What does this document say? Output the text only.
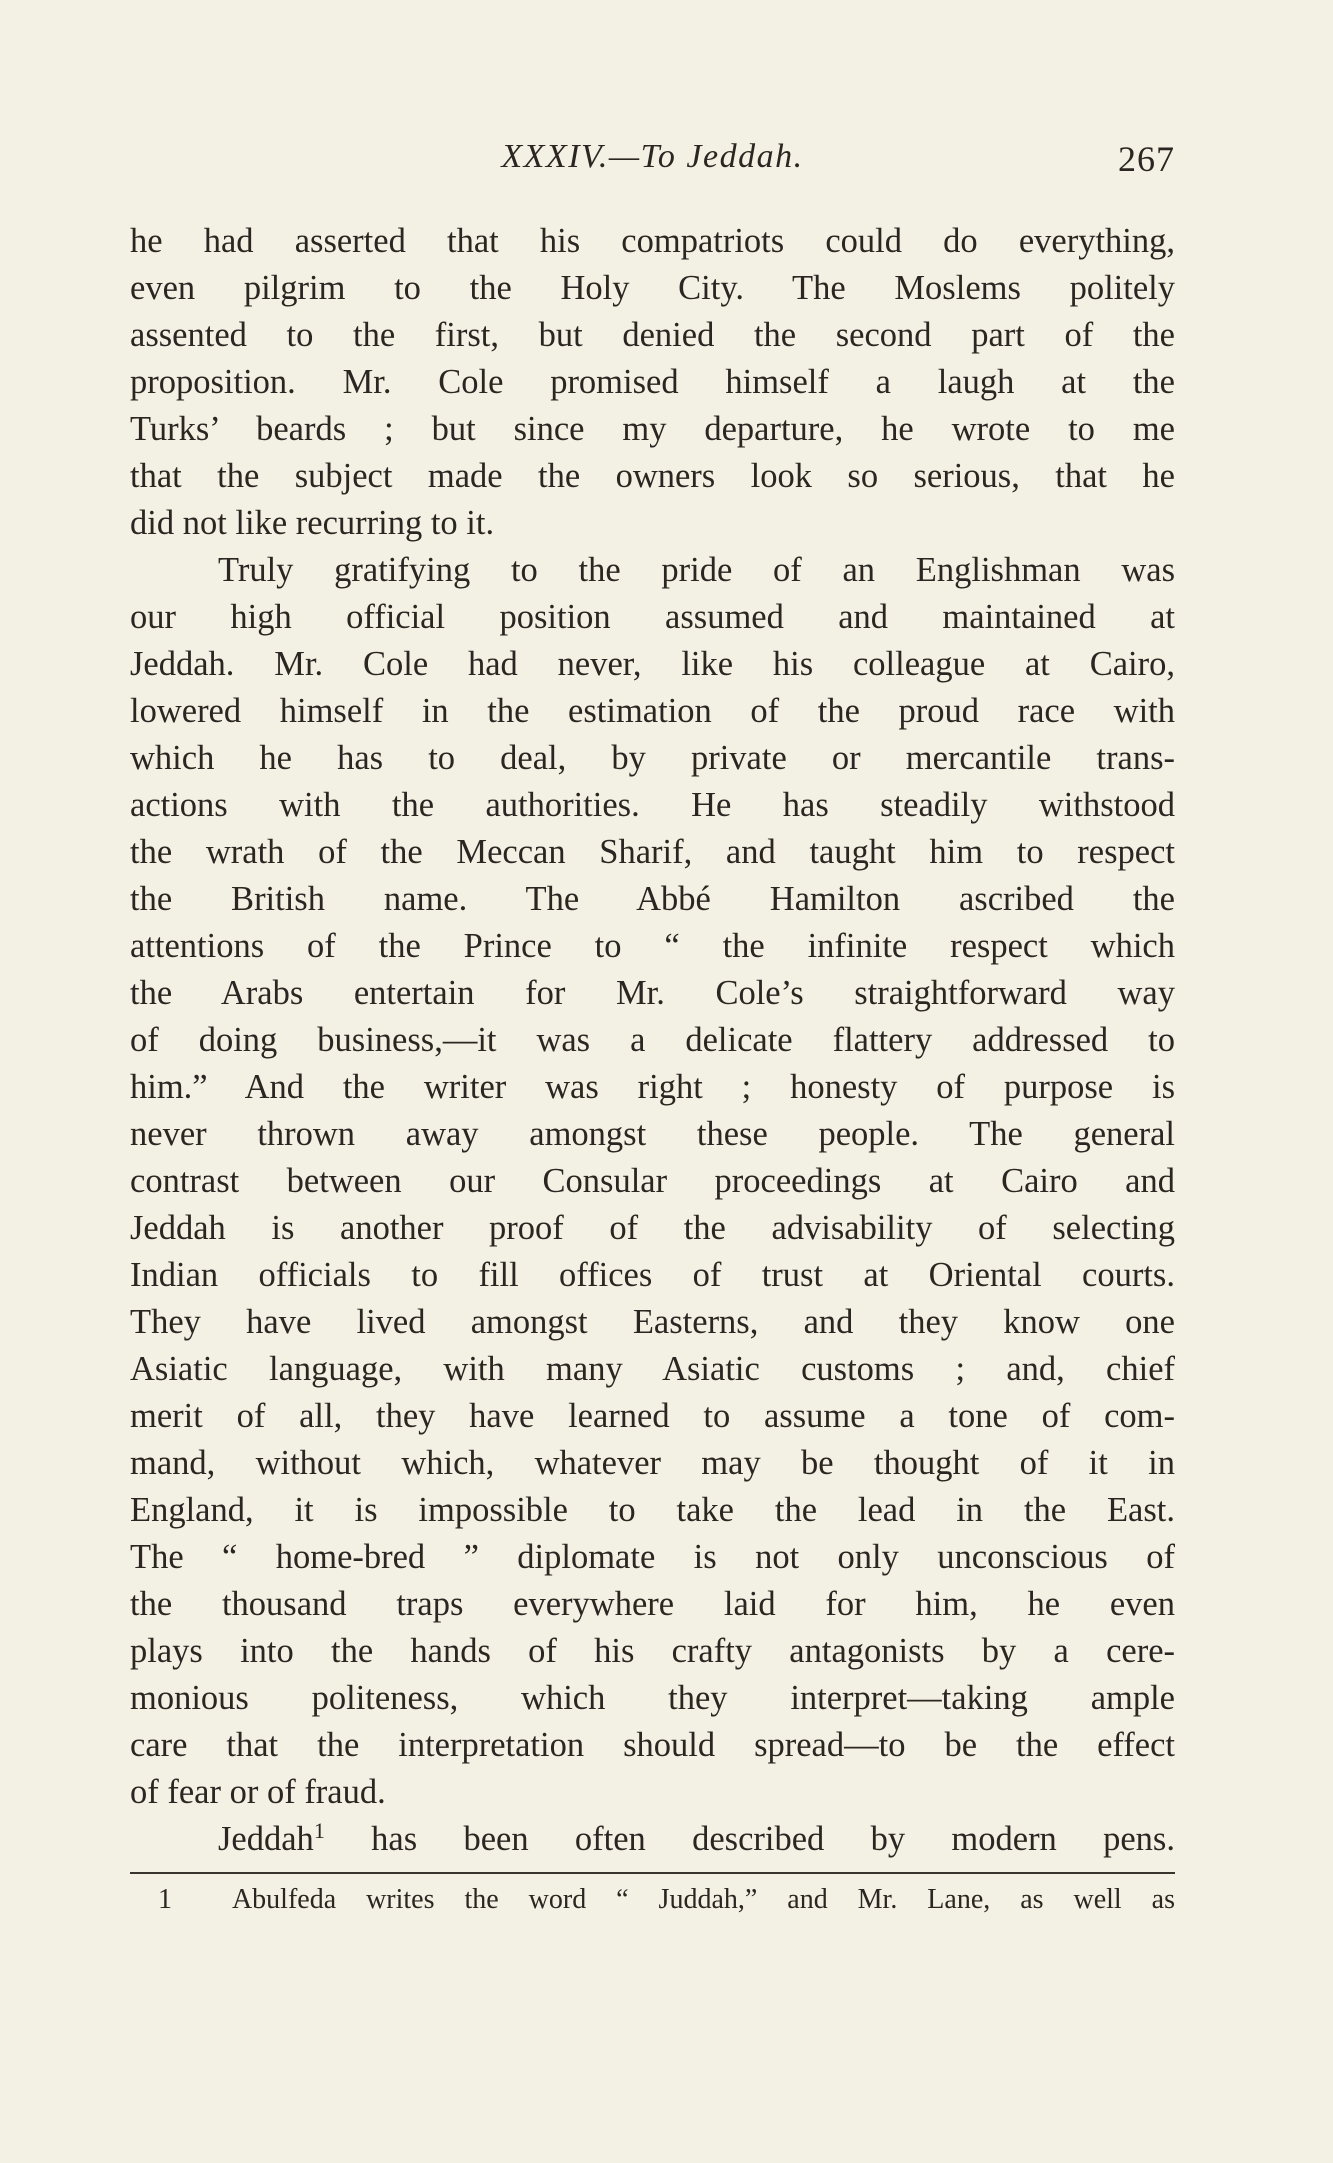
XXXIV.—To Jeddah.	267
he had asserted that his compatriots could do everything,
even pilgrim to the Holy City. The Moslems politely
assented to the first, but denied the second part of the
proposition. Mr. Cole promised himself a laugh at the
Turks’ beards ; but since my departure, he wrote to me
that the subject made the owners look so serious, that he
did not like recurring to it.
Truly gratifying to the pride of an Englishman was
our high official position assumed and maintained at
Jeddah. Mr. Cole had never, like his colleague at Cairo,
lowered himself in the estimation of the proud race with
which he has to deal, by private or mercantile trans-
actions with the authorities. He has steadily withstood
the wrath of the Meccan Sharif, and taught him to respect
the British name. The Abbé Hamilton ascribed the
attentions of the Prince to “ the infinite respect which
the Arabs entertain for Mr. Cole’s straightforward way
of doing business,—it was a delicate flattery addressed to
him.” And the writer was right ; honesty of purpose is
never thrown away amongst these people. The general
contrast between our Consular proceedings at Cairo and
Jeddah is another proof of the advisability of selecting
Indian officials to fill offices of trust at Oriental courts.
They have lived amongst Easterns, and they know one
Asiatic language, with many Asiatic customs ; and, chief
merit of all, they have learned to assume a tone of com-
mand, without which, whatever may be thought of it in
England, it is impossible to take the lead in the East.
The “ home-bred ” diplomate is not only unconscious of
the thousand traps everywhere laid for him, he even
plays into the hands of his crafty antagonists by a cere-
monious politeness, which they interpret—taking ample
care that the interpretation should spread—to be the effect
of fear or of fraud.
Jeddah$^1$ has been often described by modern pens.
1 Abulfeda writes the word “ Juddah,” and Mr. Lane, as well as
